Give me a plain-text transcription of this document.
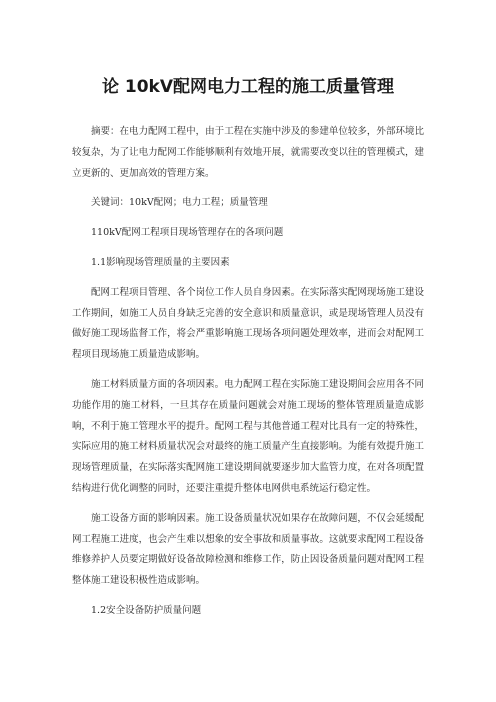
论 10kV配网电力工程的施工质量管理

摘要：在电力配网工程中，由于工程在实施中涉及的参建单位较多，外部环境比较复杂，为了让电力配网工作能够顺利有效地开展，就需要改变以往的管理模式，建立更新的、更加高效的管理方案。

关键词：10kV配网；电力工程；质量管理

110kV配网工程项目现场管理存在的各项问题

1.1影响现场管理质量的主要因素

配网工程项目管理、各个岗位工作人员自身因素。在实际落实配网现场施工建设工作期间，如施工人员自身缺乏完善的安全意识和质量意识，或是现场管理人员没有做好施工现场监督工作，将会严重影响施工现场各项问题处理效率，进而会对配网工程项目现场施工质量造成影响。

施工材料质量方面的各项因素。电力配网工程在实际施工建设期间会应用各不同功能作用的施工材料，一旦其存在质量问题就会对施工现场的整体管理质量造成影响，不利于施工管理水平的提升。配网工程与其他普通工程对比具有一定的特殊性，实际应用的施工材料质量状况会对最终的施工质量产生直接影响。为能有效提升施工现场管理质量，在实际落实配网施工建设期间就要逐步加大监管力度，在对各项配置结构进行优化调整的同时，还要注重提升整体电网供电系统运行稳定性。

施工设备方面的影响因素。施工设备质量状况如果存在故障问题，不仅会延缓配网工程施工进度，也会产生难以想象的安全事故和质量事故。这就要求配网工程设备维修养护人员要定期做好设备故障检测和维修工作，防止因设备质量问题对配网工程整体施工建设积极性造成影响。

1.2安全设备防护质量问题
